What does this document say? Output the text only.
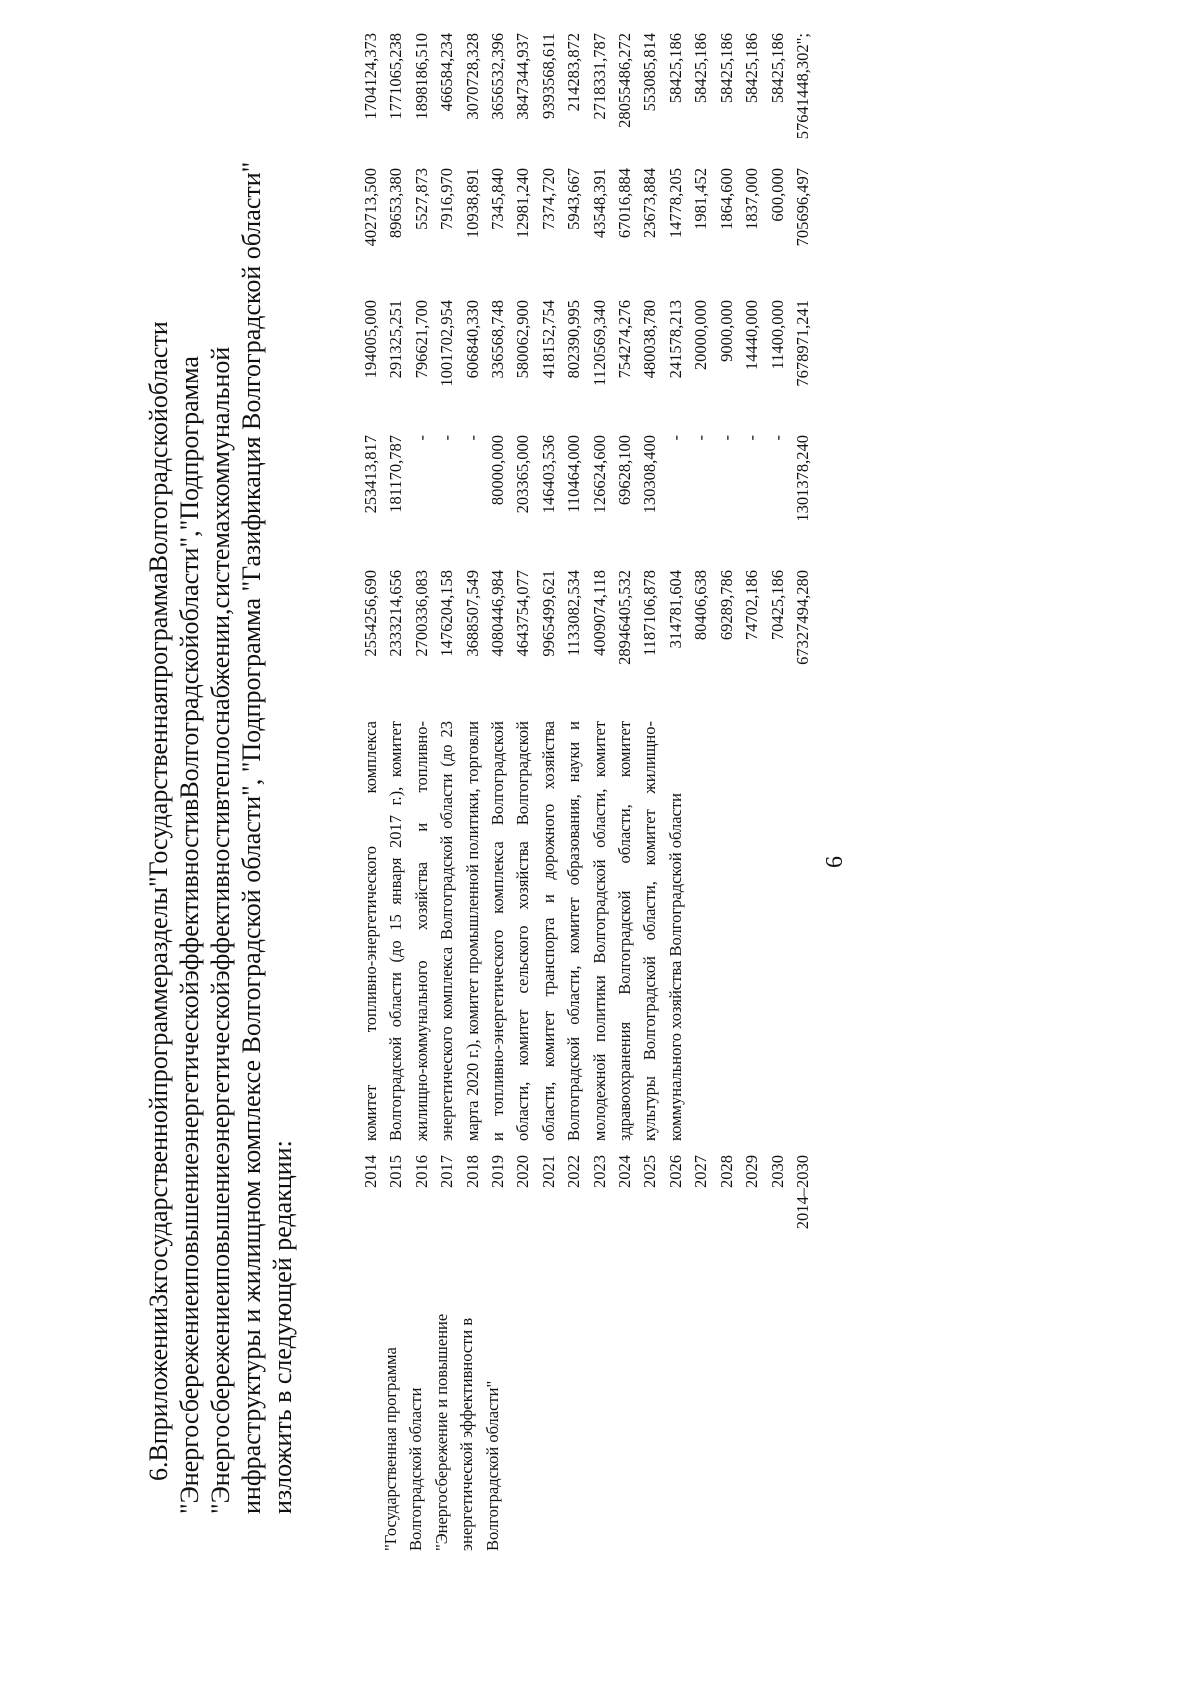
6
6.
В
приложении
3
к
государственной
программе
разделы
"Государственная
программа
Волгоградской
области
"Энергосбережение
и
повышение
энергетической
эффективности
в
Волгоградской
области",
"Подпрограмма
"Энергосбережение
и
повышение
энергетической
эффективности
в
теплоснабжении,
системах
коммунальной инфраструктуры и жилищном комплексе Волгоградской области", "Подпрограмма "Газификация Волгоградской области" изложить в следующей редакции:	"Государственная программа Волгоградской области "Энергосбережение и повышение энергетической эффективности в Волгоградской области"
2014 2015 2016 2017 2018 2019 2020 2021 2022 2023 2024 2025 2026 2027 2028 2029 2030 2014–2030
комитет топливно-энергетического комплекса Волгоградской области (до 15 января 2017 г.), комитет жилищно-коммунального хозяйства и топливно-энергетического комплекса Волгоградской области (до 23 марта 2020 г.), комитет промышленной политики, торговли и топливно-энергетического комплекса Волгоградской области, комитет сельского хозяйства Волгоградской области, комитет транспорта и дорожного хозяйства Волгоградской области, комитет образования, науки и молодежной политики Волгоградской области, комитет здравоохранения Волгоградской области, комитет культуры Волгоградской области, комитет жилищно-коммунального хозяйства Волгоградской области
2554256,690 2333214,656 2700336,083 1476204,158 3688507,549 4080446,984 4643754,077 9965499,621 1133082,534 4009074,118 28946405,532 1187106,878 314781,604 80406,638 69289,786 74702,186 70425,186 67327494,280
253413,817 181170,787 - - - 80000,000 203365,000 146403,536 110464,000 126624,600 69628,100 130308,400 - - - - - 1301378,240
194005,000 291325,251 796621,700 1001702,954 606840,330 336568,748 580062,900 418152,754 802390,995 1120569,340 754274,276 480038,780 241578,213 20000,000 9000,000 14440,000 11400,000 7678971,241
402713,500 89653,380 5527,873 7916,970 10938,891 7345,840 12981,240 7374,720 5943,667 43548,391 67016,884 23673,884 14778,205 1981,452 1864,600 1837,000 600,000 705696,497
1704124,373 1771065,238 1898186,510 466584,234 3070728,328 3656532,396 3847344,937 9393568,611 214283,872 2718331,787 28055486,272 553085,814 58425,186 58425,186 58425,186 58425,186 58425,186 57641448,302";
